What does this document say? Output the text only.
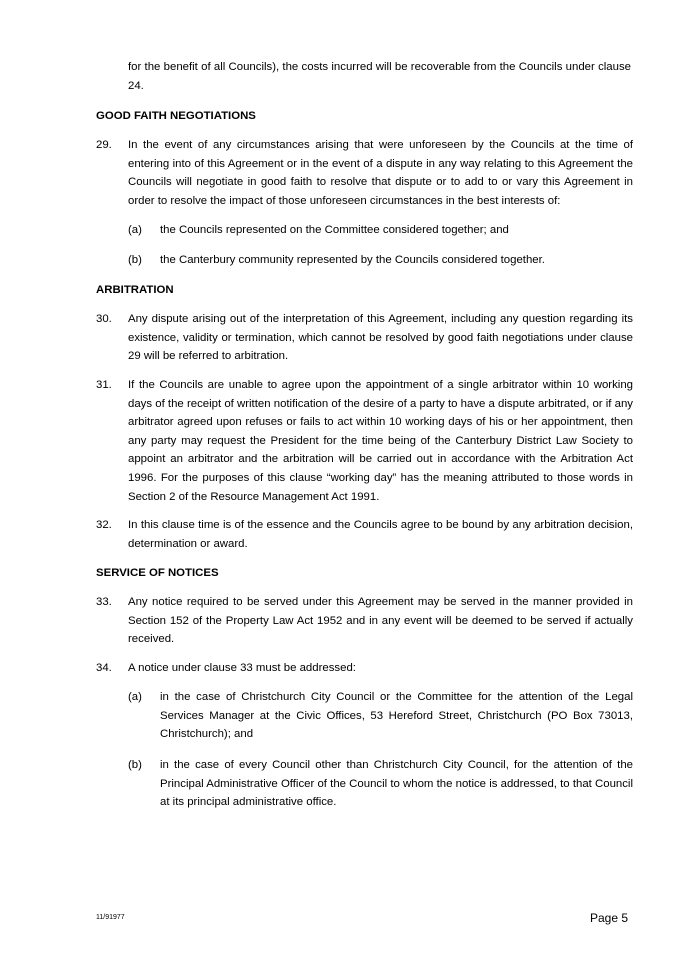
for the benefit of all Councils), the costs incurred will be recoverable from the Councils under clause 24.

GOOD FAITH NEGOTIATIONS

29. In the event of any circumstances arising that were unforeseen by the Councils at the time of entering into of this Agreement or in the event of a dispute in any way relating to this Agreement the Councils will negotiate in good faith to resolve that dispute or to add to or vary this Agreement in order to resolve the impact of those unforeseen circumstances in the best interests of:

(a) the Councils represented on the Committee considered together; and

(b) the Canterbury community represented by the Councils considered together.

ARBITRATION

30. Any dispute arising out of the interpretation of this Agreement, including any question regarding its existence, validity or termination, which cannot be resolved by good faith negotiations under clause 29 will be referred to arbitration.

31. If the Councils are unable to agree upon the appointment of a single arbitrator within 10 working days of the receipt of written notification of the desire of a party to have a dispute arbitrated, or if any arbitrator agreed upon refuses or fails to act within 10 working days of his or her appointment, then any party may request the President for the time being of the Canterbury District Law Society to appoint an arbitrator and the arbitration will be carried out in accordance with the Arbitration Act 1996. For the purposes of this clause “working day” has the meaning attributed to those words in Section 2 of the Resource Management Act 1991.

32. In this clause time is of the essence and the Councils agree to be bound by any arbitration decision, determination or award.

SERVICE OF NOTICES

33. Any notice required to be served under this Agreement may be served in the manner provided in Section 152 of the Property Law Act 1952 and in any event will be deemed to be served if actually received.

34. A notice under clause 33 must be addressed:

(a) in the case of Christchurch City Council or the Committee for the attention of the Legal Services Manager at the Civic Offices, 53 Hereford Street, Christchurch (PO Box 73013, Christchurch); and

(b) in the case of every Council other than Christchurch City Council, for the attention of the Principal Administrative Officer of the Council to whom the notice is addressed, to that Council at its principal administrative office.

11/91977	Page 5
